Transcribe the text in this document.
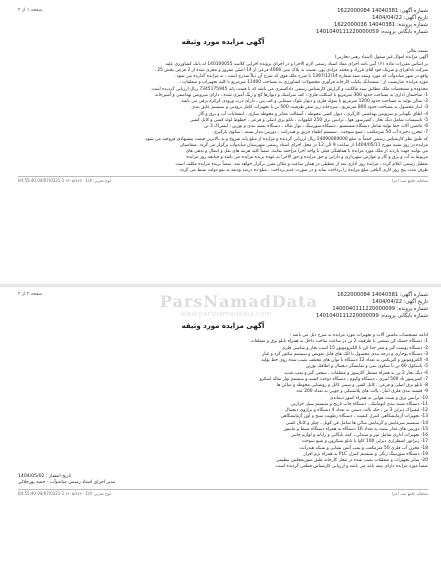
شماره آگهی: 14040381 1622000084
تاریخ آگهی: 1404/04/22
شماره پرونده: 14040381 1622000036
شماره بایگانی پرونده: 1401040111220000059
صفحه ۱ از ۲
آگهی مزایده مورد وثیقه

بسمه تعالی

آگهی مزایده اموال غیر منقول (اسناد رهنی-تجارتی)

بر اساس مقررات ماده ۱۲۱ آیین نامه اجرای مفاد اسناد رسمی لازم الاجرا و در اجرای پرونده اجرایی کلاسه 140100055 له بانک کشاورزی علیه

شرکت بادافزای و شریک خود آقای فرزاد و محمد مرادی پور، نسبت به پلاک ثبتی 4066 فرعی از 14 اصلی مفروز و مجزی شده از 2 فرعی بخش 25 ،

واقع در شهر میاندوآب که مورد وثیقه سند شماره 1397/12/14 با شرح ملک فوق که شرح آن ذیلاً مندرج است ، به مزایده گذارده می شود.

مورد مزایده عبارتست از : ششدانگ یکباب کارخانه فرآوری محصولات کشاورزی به مساحت 11400 مترمربع با کلیه تجهیزات و متعلقات ،

محدوده و مشخصات ملک مطابق سند مالکیت و گزارش کارشناس رسمی دادگستری می باشد که با قیمت پایه 7345175945 ریال ارزیابی گردیده است.

1- ساختمان اداری به مساحت حدود 300 مترمربع با اسکلت فلزی ، کف سرامیک و دیوارها گچ و رنگ آمیزی شده ، دارای سرویس بهداشتی و آشپزخانه

2- سالن تولید به مساحت حدود 1200 مترمربع با سوله فلزی و دیوار بلوک سیمانی و کف بتن ، دارای درب ورودی کرکره برقی می باشد.

3- انبار محصول به مساحت حدود 800 مترمربع ، سردخانه زیر صفر ظرفیت 500 تن با تجهیزات کامل برودتی و سیستم عایق بندی

4- اطاق نگهبانی و سرویس بهداشتی کارگری ، دیوار کشی محوطه ، آسفالت معابر و محوطه سازی ، انشعابات آب و برق و گاز

5- تاسیسات شامل دیگ بخار ، کمپرسور هوا ، ترانس برق 250 کیلووات ، تابلو برق اصلی و فرعی ، خطوط لوله کشی و کابل کشی

6- ماشین آلات خط تولید شامل دستگاه شستشو ، دستگاه سورتینگ ، نوار نقاله ، دستگاه بسته بندی و توزین ، لیفتراک 3 تن

7- مخزن ذخیره آب 50 مترمکعب ، منبع سوخت ، سیستم اطفاء حریق و هیدرانت ، دوربین مدار بسته ، سکوی بارگیری

که طبق نظر کارشناس رسمی جمعاً به مبلغ 24090000000 ریال ارزیابی گردیده و مزایده از مبلغ پایه شروع و به بالاترین قیمت پیشنهادی فروخته می شود.

مزایده در روز شنبه مورخ 1404/05/11 از ساعت 9 الی 12 در محل اجرای اسناد رسمی شهرستان میاندوآب برگزار می گردد. متقاضیان

می توانند جهت بازدید از ملک مورد مزایده با هماهنگی قبلی با واحد اجرا مراجعه نمایند. ضمناً کلیه هزینه های نقل و انتقال و بدهی های

مربوط به آب و برق و گاز و عوارض شهرداری و دارایی و حق مزایده و حق الاجرا به عهده برنده مزایده می باشد و چنانچه روز مزایده

تعطیل رسمی اعلام گردد ، مزایده روز اداری بعد از تعطیلی در همان ساعت و مکان مقرر برگزار خواهد شد. ضمناً برنده مزایده مکلف است

ظرف مدت پنج روز کاری الباقی مبلغ مزایده را پرداخت نماید و در صورت عدم پرداخت ، مبلغ ده درصد ودیعه به نفع دولت ضبط می گردد.

سامانه جامع ثبت اجرا
لوح تحریر: 1/4 ۲۶۰۵/۸۶۴۰ 1-04/07/0321 04:55:40
ParsNamadData
www.parsnamaddata.com
شماره آگهی: 14040381 1622000084
تاریخ آگهی: 1404/04/22
شماره پرونده: 1400040111220000099
شماره بایگانی پرونده: 1401040111220000099
صفحه ۲ از ۲
آگهی مزایده مورد وثیقه

ادامه مشخصات ماشین آلات و تجهیزات مورد مزایده به شرح ذیل می باشد :

1- دستگاه خشک کن صنعتی با ظرفیت 2 تن در ساعت ساخت داخل به همراه تابلو برق و متعلقات

2- دستگاه پوست گیر و مغز جدا کن با الکتروموتور 15 اسب بخار و شاسی فلزی

3- دستگاه بوجاری و درجه بندی محصول با الک های قابل تعویض و سیستم مکش گرد و غبار

4- الکتروموتور و گیربکس به تعداد 12 دستگاه با توان های مختلف نصب شده روی خط تولید

5- باسکول 60 تن با سکوی بتنی و نمایشگر دیجیتال و اطاقک توزین

6- دیگ بخار 2 تن به همراه مشعل گازسوز و متعلقات ، سختی گیر و پمپ تغذیه

7- کمپرسور باد 500 لیتری ، دستگاه وکیوم ، دستگاه دوخت کیسه و سیستم نوار نقاله اسکرو

8- تابلو برق اصلی و فرعی ، کابل کشی و سینی کابل و روشنایی محوطه و سالن ها

9- قفسه بندی فلزی انبار ، پالت های پلاستیکی و چوبی به تعداد 200 عدد

10- ترانس برق و پست هوایی به همراه کنتور دیماندی

11- دستگاه بسته بندی اتوماتیک ، دستگاه چاپ تاریخ و سیستم سیل حرارتی

12- لیفتراک دیزلی 3 تن ، جک پالت دستی به تعداد 4 دستگاه و ترازوی دیجیتال

13- تجهیزات آزمایشگاهی کنترل کیفیت ، دستگاه رطوبت سنج و اون آزمایشگاهی

14- سیستم سرمایش و گرمایش سالن ها شامل فن کویل ، چیلر و کانال کشی

15- دوربین های مدار بسته به تعداد 16 دستگاه به همراه دستگاه ضبط و مانیتور

16- تجهیزات اداری شامل میز و صندلی ، کمد بایگانی و رایانه و لوازم جانبی

17- ژنراتور اضطراری دیزلی 100 کاوا با تابلو سنکرون و منبع سوخت

18- مخزن آب فلزی 50 مترمکعب و پمپ آتش نشانی و شبکه هیدرانت

19- دستگاه سورتینگ رنگی و سیستم کنترل PLC به همراه نرم افزار

20- سایر تجهیزات و متعلقات نصب شده در محل کارخانه طبق صورتمجلس تنظیمی

ضمناً مورد مزایده دارای بیمه نامه می باشد و ارزیابی کارشناس قطعی گردیده است.

تاریخ انتشار : 1404/05/02
مدیر اجرای اسناد رسمی میاندوآب - حمید پورجلالی
سامانه جامع ثبت اجرا
لوح تحریر: 1/4 ۲۶۰۵/۸۶۴۰ 1-04/07/0321 04:55:40
